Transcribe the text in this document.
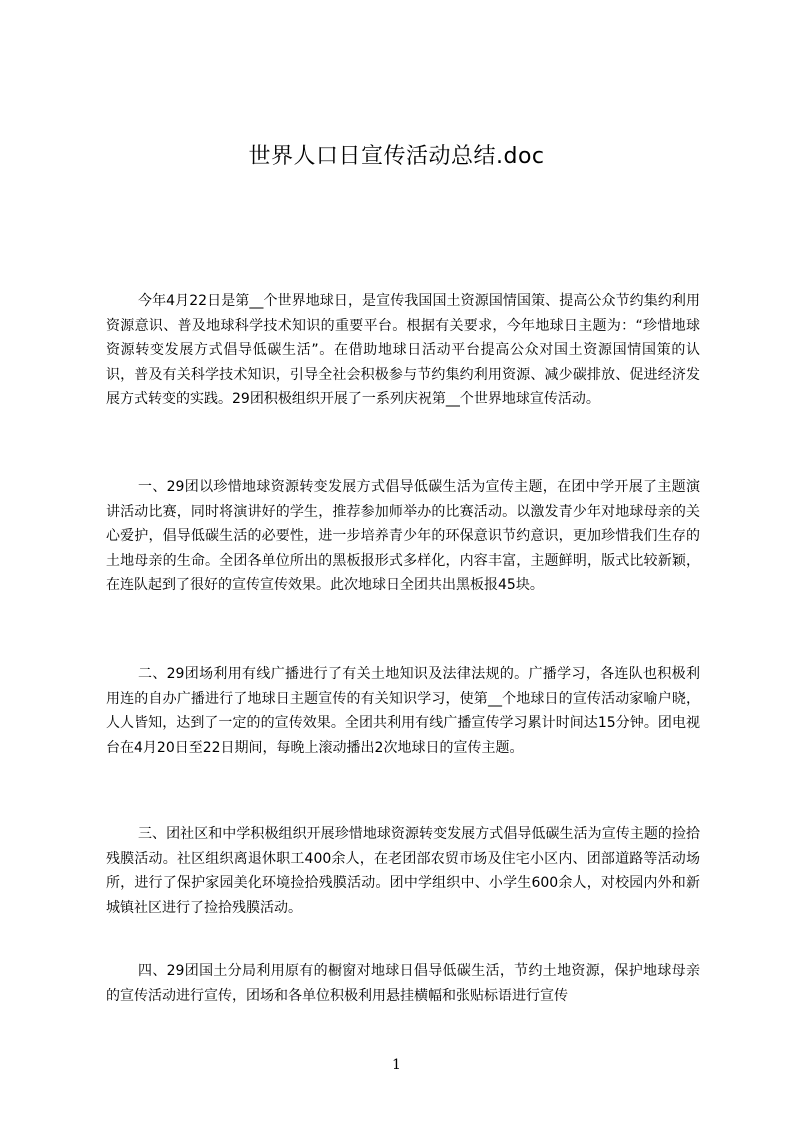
世界人口日宣传活动总结.doc

今年4月22日是第__个世界地球日，是宣传我国国土资源国情国策、提高公众节约集约利用资源意识、普及地球科学技术知识的重要平台。根据有关要求，今年地球日主题为：“珍惜地球资源转变发展方式倡导低碳生活”。在借助地球日活动平台提高公众对国土资源国情国策的认识，普及有关科学技术知识，引导全社会积极参与节约集约利用资源、减少碳排放、促进经济发展方式转变的实践。29团积极组织开展了一系列庆祝第__个世界地球宣传活动。

一、29团以珍惜地球资源转变发展方式倡导低碳生活为宣传主题，在团中学开展了主题演讲活动比赛，同时将演讲好的学生，推荐参加师举办的比赛活动。以激发青少年对地球母亲的关心爱护，倡导低碳生活的必要性，进一步培养青少年的环保意识节约意识，更加珍惜我们生存的土地母亲的生命。全团各单位所出的黑板报形式多样化，内容丰富，主题鲜明，版式比较新颖，在连队起到了很好的宣传宣传效果。此次地球日全团共出黑板报45块。

二、29团场利用有线广播进行了有关土地知识及法律法规的。广播学习，各连队也积极利用连的自办广播进行了地球日主题宣传的有关知识学习，使第__个地球日的宣传活动家喻户晓，人人皆知，达到了一定的的宣传效果。全团共利用有线广播宣传学习累计时间达15分钟。团电视台在4月20日至22日期间，每晚上滚动播出2次地球日的宣传主题。

三、团社区和中学积极组织开展珍惜地球资源转变发展方式倡导低碳生活为宣传主题的捡拾残膜活动。社区组织离退休职工400余人，在老团部农贸市场及住宅小区内、团部道路等活动场所，进行了保护家园美化环境捡拾残膜活动。团中学组织中、小学生600余人，对校园内外和新城镇社区进行了捡拾残膜活动。

四、29团国土分局利用原有的橱窗对地球日倡导低碳生活，节约土地资源，保护地球母亲的宣传活动进行宣传，团场和各单位积极利用悬挂横幅和张贴标语进行宣传

1
